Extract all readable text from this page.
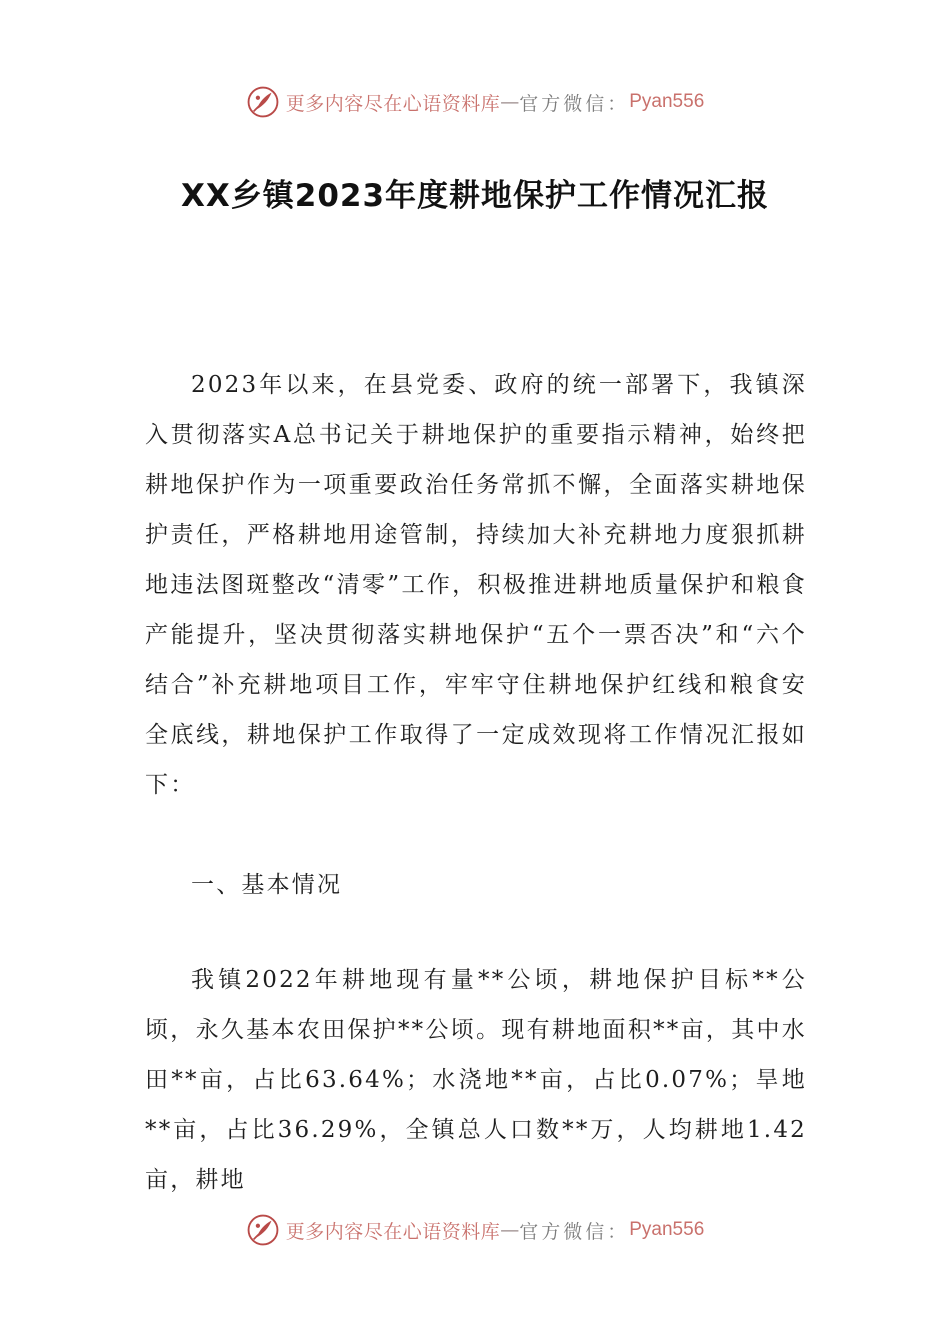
更多内容尽在心语资料库 — 官方微信： Pyan556
XX乡镇2023年度耕地保护工作情况汇报

2023年以来，在县党委、政府的统一部署下，我镇深入贯彻落实A总书记关于耕地保护的重要指示精神，始终把耕地保护作为一项重要政治任务常抓不懈，全面落实耕地保护责任，严格耕地用途管制，持续加大补充耕地力度狠抓耕地违法图斑整改“清零”工作，积极推进耕地质量保护和粮食产能提升，坚决贯彻落实耕地保护“五个一票否决”和“六个结合”补充耕地项目工作，牢牢守住耕地保护红线和粮食安全底线，耕地保护工作取得了一定成效现将工作情况汇报如下：

一、基本情况

我镇2022年耕地现有量**公顷，耕地保护目标**公顷，永久基本农田保护**公顷。现有耕地面积**亩，其中水田**亩，占比63.64%；水浇地**亩，占比0.07%；旱地**亩，占比36.29%，全镇总人口数**万，人均耕地1.42亩，耕地

更多内容尽在心语资料库 — 官方微信： Pyan556
